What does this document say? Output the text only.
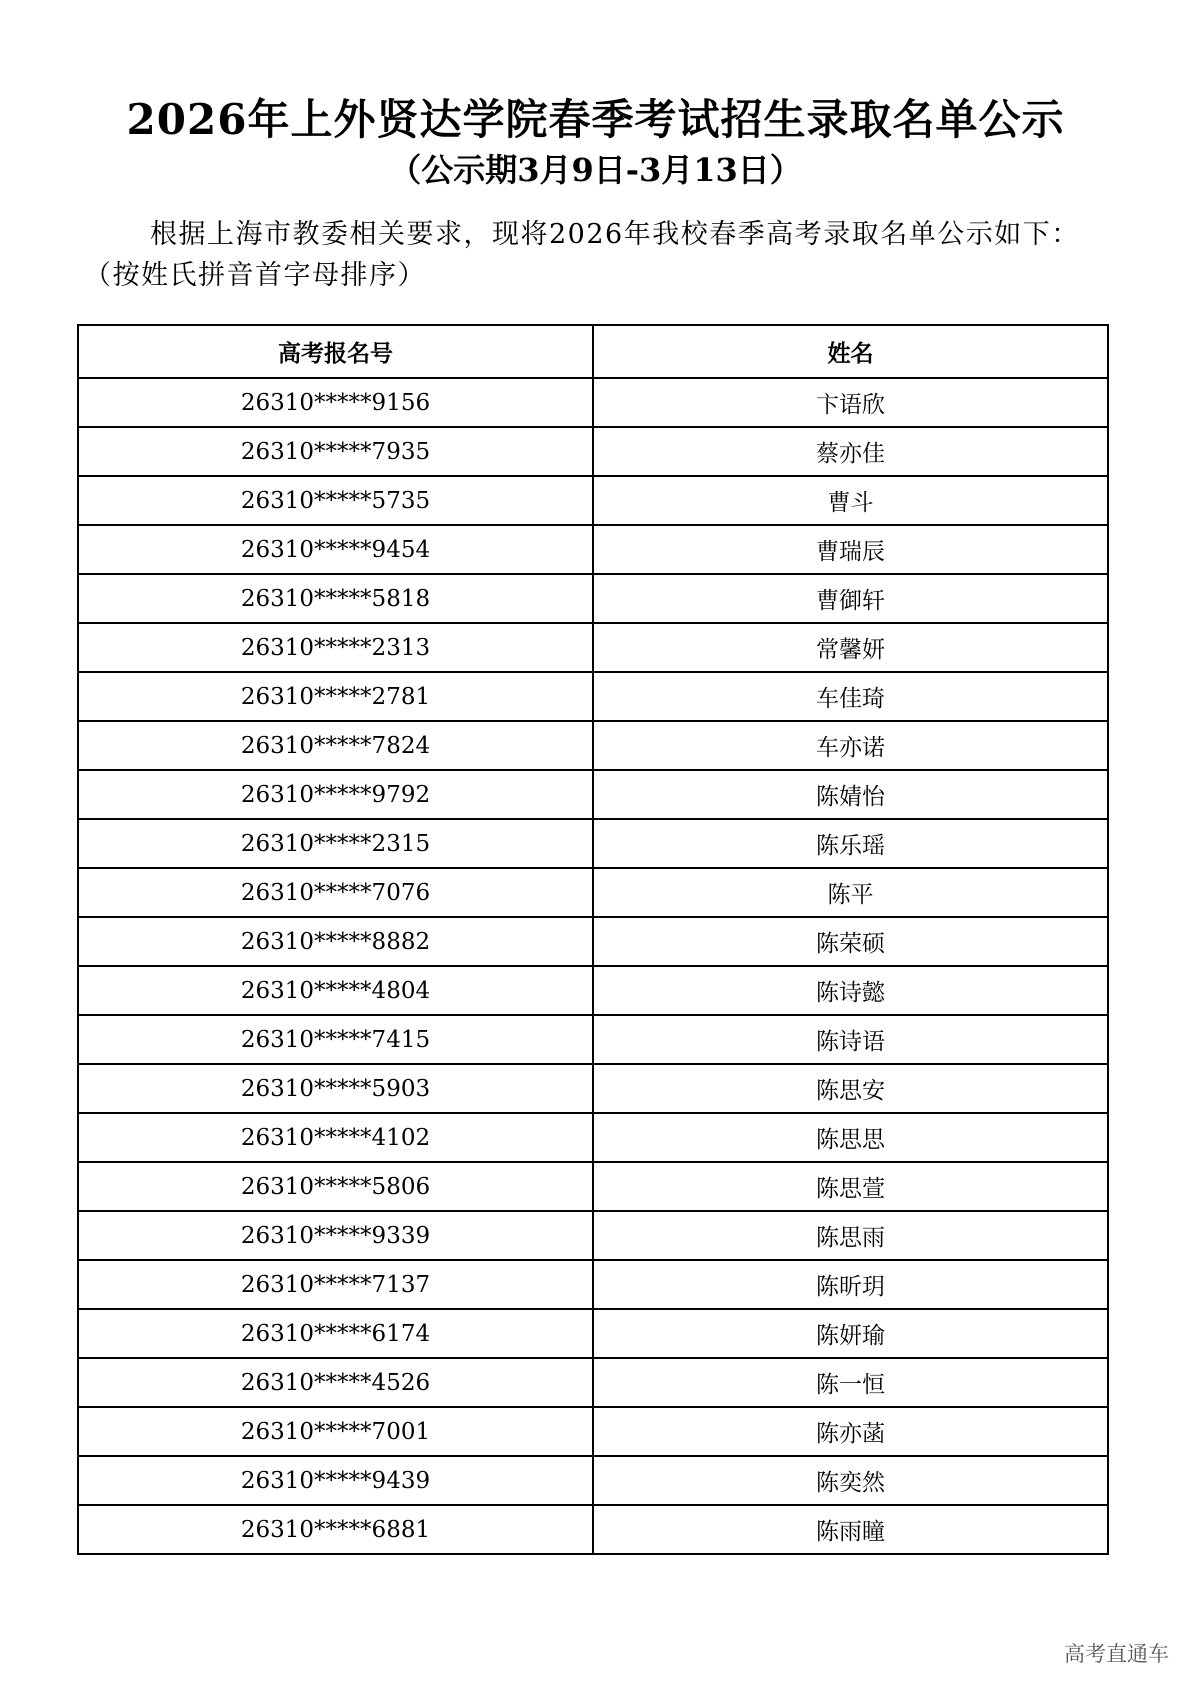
2026年上外贤达学院春季考试招生录取名单公示
（公示期3月9日-3月13日）
根据上海市教委相关要求，现将2026年我校春季高考录取名单公示如下：（按姓氏拼音首字母排序）
高考报名号	姓名
26310*****9156	卞语欣
26310*****7935	蔡亦佳
26310*****5735	曹斗
26310*****9454	曹瑞辰
26310*****5818	曹御轩
26310*****2313	常馨妍
26310*****2781	车佳琦
26310*****7824	车亦诺
26310*****9792	陈婧怡
26310*****2315	陈乐瑶
26310*****7076	陈平
26310*****8882	陈荣硕
26310*****4804	陈诗懿
26310*****7415	陈诗语
26310*****5903	陈思安
26310*****4102	陈思思
26310*****5806	陈思萱
26310*****9339	陈思雨
26310*****7137	陈昕玥
26310*****6174	陈妍瑜
26310*****4526	陈一恒
26310*****7001	陈亦菡
26310*****9439	陈奕然
26310*****6881	陈雨瞳
高考直通车
